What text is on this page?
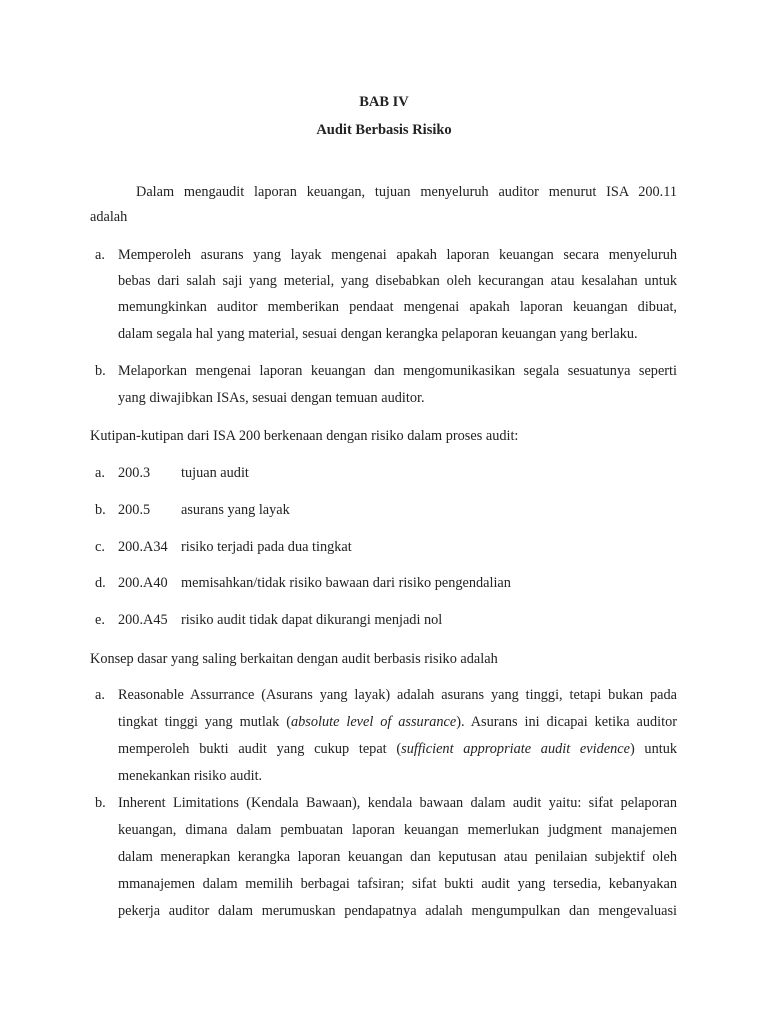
BAB IV
Audit Berbasis Risiko
Dalam mengaudit laporan keuangan, tujuan menyeluruh auditor menurut ISA 200.11
adalah
a. Memperoleh asurans yang layak mengenai apakah laporan keuangan secara menyeluruh
bebas dari salah saji yang meterial, yang disebabkan oleh kecurangan atau kesalahan untuk
memungkinkan auditor memberikan pendaat mengenai apakah laporan keuangan dibuat,
dalam segala hal yang material, sesuai dengan kerangka pelaporan keuangan yang berlaku.
b. Melaporkan mengenai laporan keuangan dan mengomunikasikan segala sesuatunya seperti
yang diwajibkan ISAs, sesuai dengan temuan auditor.
Kutipan-kutipan dari ISA 200 berkenaan dengan risiko dalam proses audit:
a. 200.3 tujuan audit
b. 200.5 asurans yang layak
c. 200.A34 risiko terjadi pada dua tingkat
d. 200.A40 memisahkan/tidak risiko bawaan dari risiko pengendalian
e. 200.A45 risiko audit tidak dapat dikurangi menjadi nol
Konsep dasar yang saling berkaitan dengan audit berbasis risiko adalah
a. Reasonable Assurrance (Asurans yang layak) adalah asurans yang tinggi, tetapi bukan pada
tingkat tinggi yang mutlak (absolute level of assurance). Asurans ini dicapai ketika auditor
memperoleh bukti audit yang cukup tepat (sufficient appropriate audit evidence) untuk
menekankan risiko audit.
b. Inherent Limitations (Kendala Bawaan), kendala bawaan dalam audit yaitu: sifat pelaporan
keuangan, dimana dalam pembuatan laporan keuangan memerlukan judgment manajemen
dalam menerapkan kerangka laporan keuangan dan keputusan atau penilaian subjektif oleh
mmanajemen dalam memilih berbagai tafsiran; sifat bukti audit yang tersedia, kebanyakan
pekerja auditor dalam merumuskan pendapatnya adalah mengumpulkan dan mengevaluasi
